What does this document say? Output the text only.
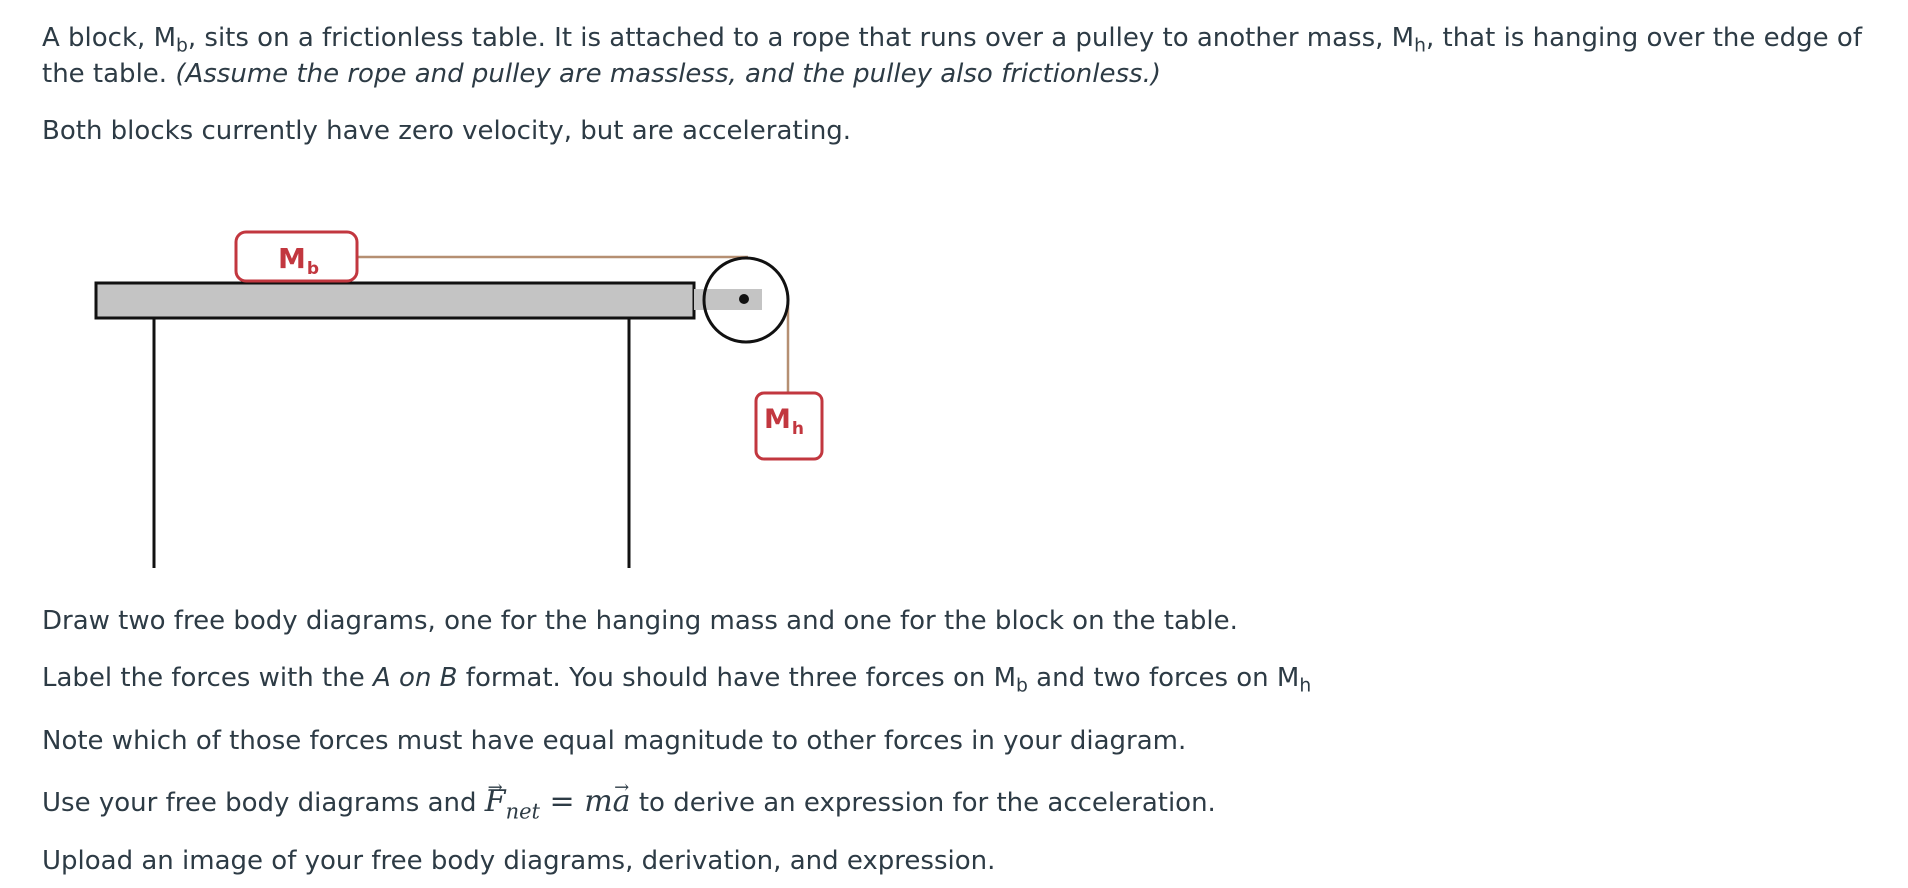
A block, $M_b$, sits on a frictionless table. It is attached to a rope that runs over a pulley to another mass, $M_h$, that is hanging over the edge of the table. (Assume the rope and pulley are massless, and the pulley also frictionless.)

Both blocks currently have zero velocity, but are accelerating.

Draw two free body diagrams, one for the hanging mass and one for the block on the table.

Label the forces with the A on B format. You should have three forces on $M_b$ and two forces on $M_h$

Note which of those forces must have equal magnitude to other forces in your diagram.

Use your free body diagrams and → $F_{net} = m\to a$ to derive an expression for the acceleration.

Upload an image of your free body diagrams, derivation, and expression.

$M_b$
$M_h$
